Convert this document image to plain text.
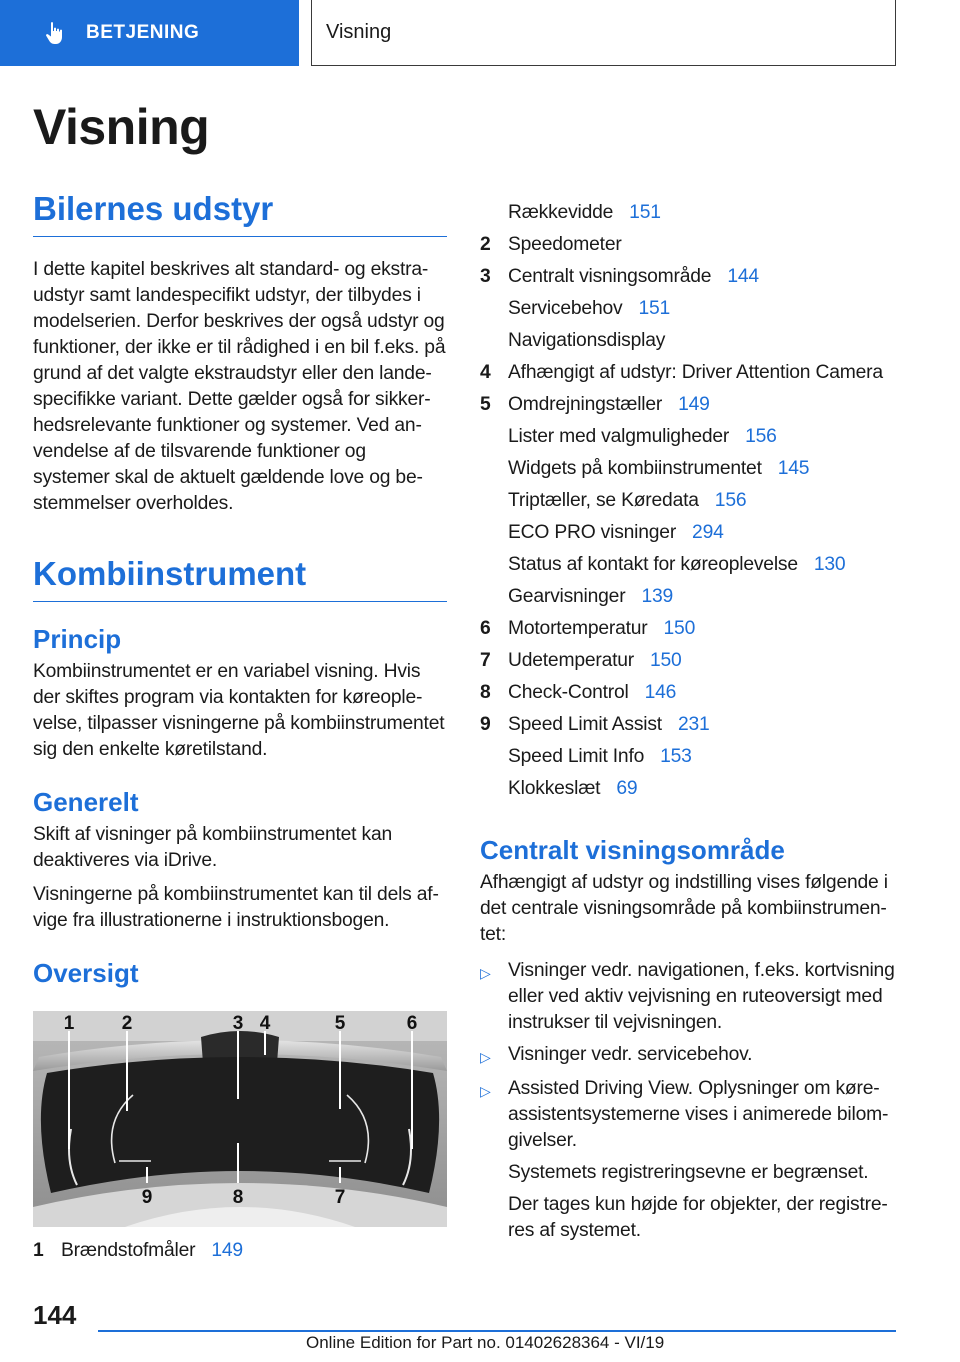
BETJENING	Visning
Visning
Bilernes udstyr

I dette kapitel beskrives alt standard- og ekstraudstyr samt landespecifikt udstyr, der tilbydes i modelserien. Derfor beskrives der også udstyr og funktioner, der ikke er til rådighed i en bil f.eks. på grund af det valgte ekstraudstyr eller den landespecifikke variant. Dette gælder også for sikkerhedsrelevante funktioner og systemer. Ved anvendelse af de tilsvarende funktioner og systemer skal de aktuelt gældende love og bestemmelser overholdes.

Kombiinstrument
Princip

Kombiinstrumentet er en variabel visning. Hvis der skiftes program via kontakten for køreoplevelse, tilpasser visningerne på kombiinstrumentet sig den enkelte køretilstand.

Generelt

Skift af visninger på kombiinstrumentet kan deaktiveres via iDrive.

Visningerne på kombiinstrumentet kan til dels afvige fra illustrationerne i instruktionsbogen.

Oversigt
1 2	3 4	5	6
7
8
9
1 Brændstofmåler 149
Rækkevidde 151
2 Speedometer
3 Centralt visningsområde 144
Servicebehov 151
Navigationsdisplay
4 Afhængigt af udstyr: Driver Attention Camera
5 Omdrejningstæller 149
Lister med valgmuligheder 156
Widgets på kombiinstrumentet 145
Triptæller, se Køredata 156
ECO PRO visninger 294
Status af kontakt for køreoplevelse 130
Gearvisninger 139
6 Motortemperatur 150
7 Udetemperatur 150
8 Check-Control 146
9 Speed Limit Assist 231
Speed Limit Info 153
Klokkeslæt 69
Centralt visningsområde

Afhængigt af udstyr og indstilling vises følgende i det centrale visningsområde på kombiinstrumentet:

▷ Visninger vedr. navigationen, f.eks. kortvisning eller ved aktiv vejvisning en ruteoversigt med instrukser til vejvisningen.
▷ Visninger vedr. servicebehov.
▷ Assisted Driving View. Oplysninger om køreassistentsystemerne vises i animerede bilomgivelser.

Systemets registreringsevne er begrænset.

Der tages kun højde for objekter, der registreres af systemet.

144
Online Edition for Part no. 01402628364 - VI/19
